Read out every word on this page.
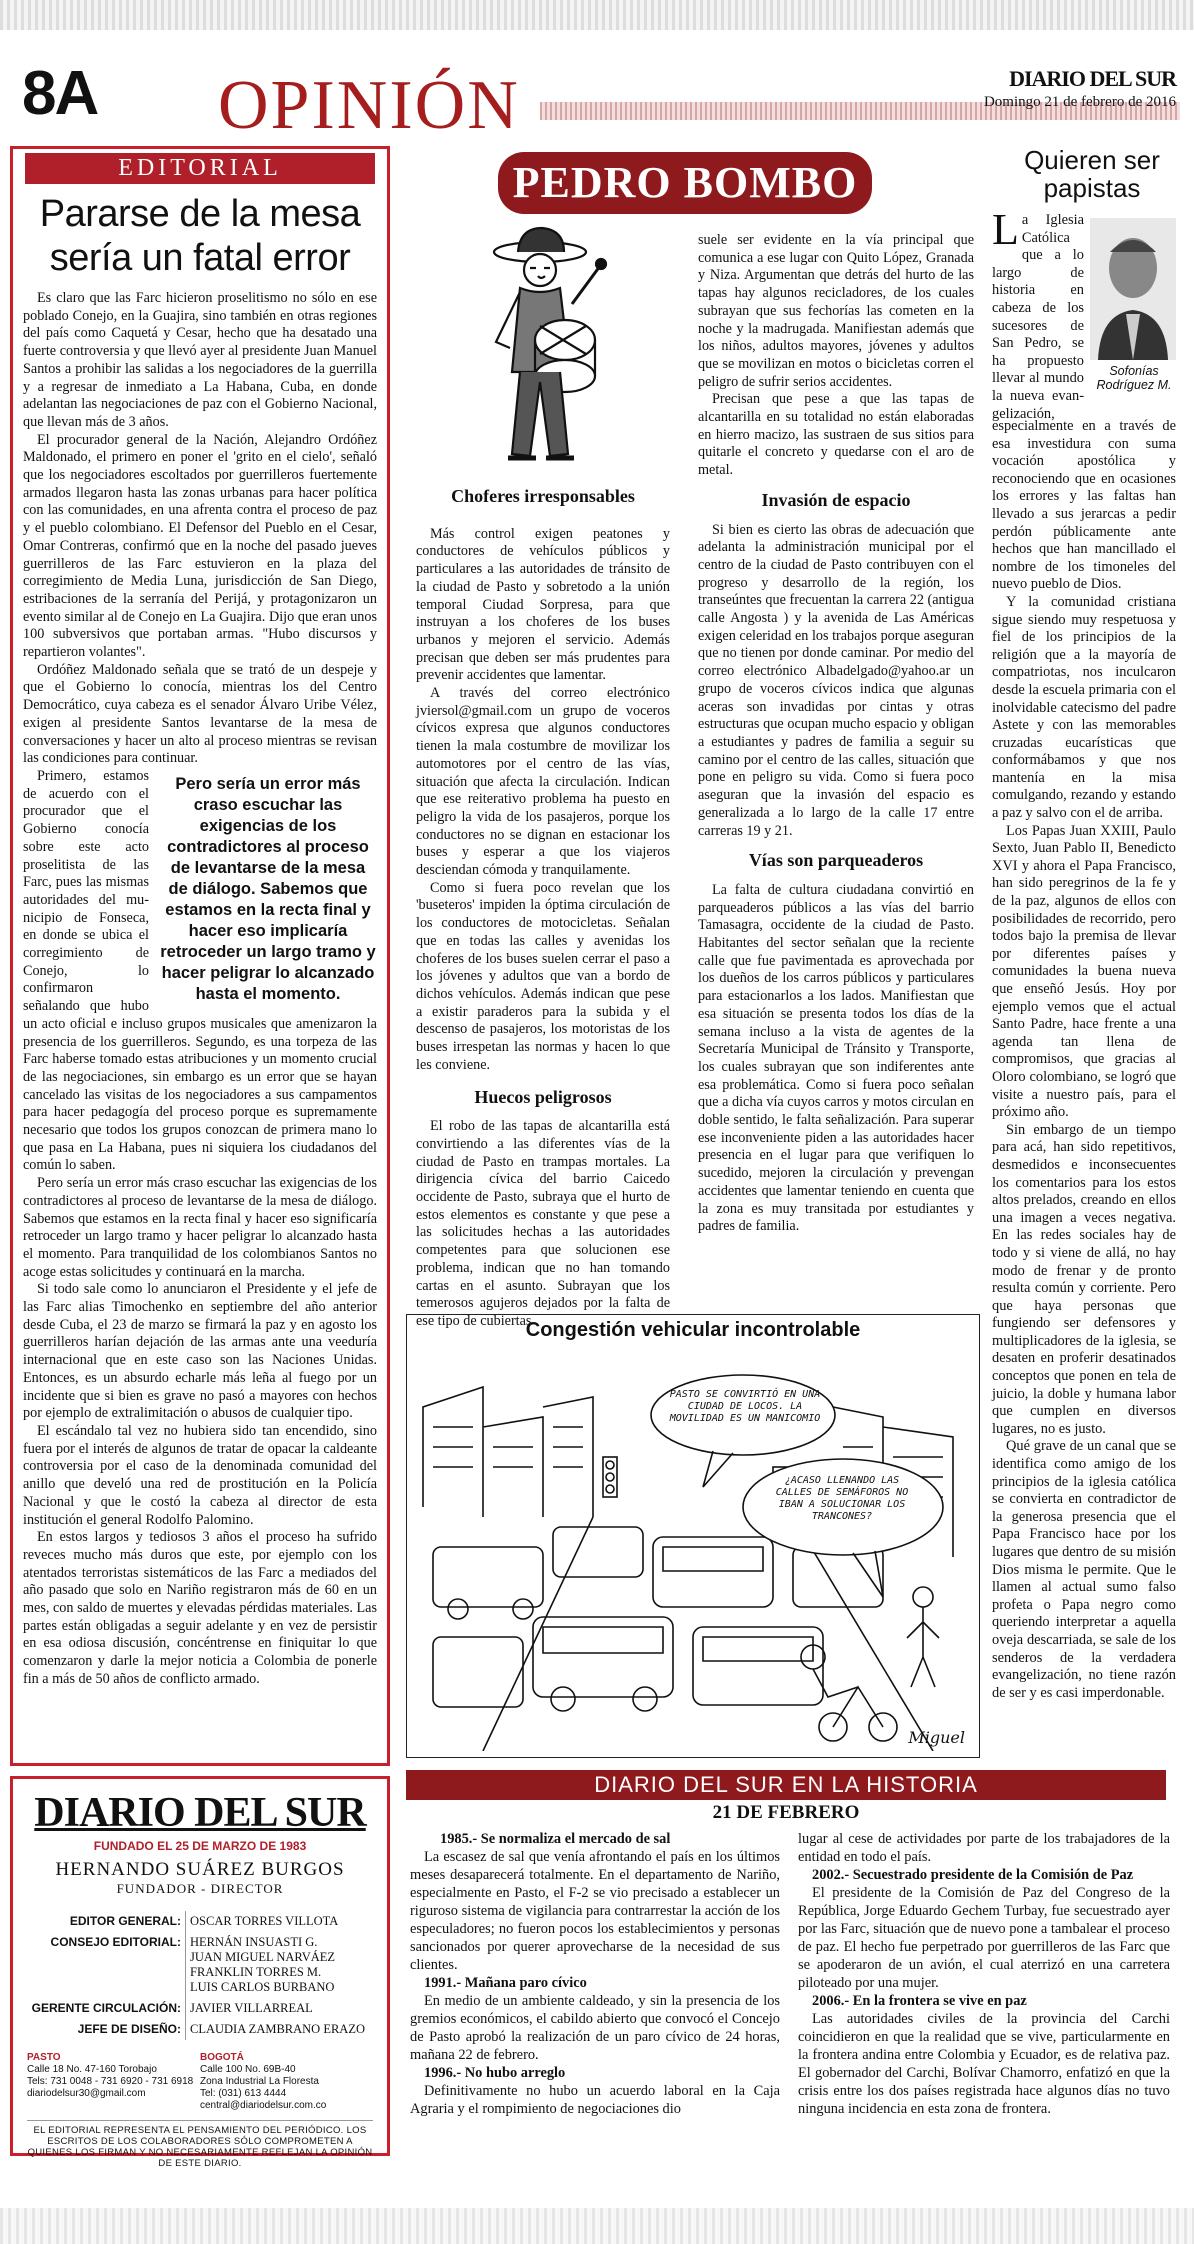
8A OPINIÓN	DIARIO DEL SUR
Domingo 21 de febrero de 2016
EDITORIAL
Pararse de la mesa sería un fatal error

Es claro que las Farc hicieron proselitismo no sólo en ese poblado Conejo, en la Guajira, sino también en otras regiones del país como Caquetá y Cesar, hecho que ha desatado una fuerte controversia y que llevó ayer al presidente Juan Manuel Santos a prohibir las salidas a los negociadores de la guerrilla y a regresar de inmediato a La Habana, Cuba, en donde adelantan las negociaciones de paz con el Gobierno Nacional, que llevan más de 3 años.

El procurador general de la Nación, Alejandro Ordóñez Maldonado, el primero en poner el 'grito en el cielo', señaló que los negociadores escoltados por guerrilleros fuertemente armados llegaron hasta las zonas urbanas para hacer política con las comunidades, en una afrenta contra el proceso de paz y el pueblo colombiano. El Defensor del Pueblo en el Cesar, Omar Contreras, confirmó que en la noche del pasado jueves guerrilleros de las Farc estuvieron en la plaza del corregimiento de Media Luna, jurisdicción de San Diego, estribaciones de la serranía del Perijá, y protagonizaron un evento similar al de Conejo en La Guajira. Dijo que eran unos 100 subversivos que portaban armas. "Hubo discursos y repartieron volantes".

Ordóñez Maldonado señala que se trató de un despeje y que el Gobierno lo conocía, mientras los del Centro Democrático, cuya cabeza es el senador Álvaro Uribe Vélez, exigen al presidente Santos levantarse de la mesa de conversaciones y hacer un alto al proceso mientras se revisan las condiciones para continuar.

Pero sería un error más craso escuchar las exigencias de los contradictores al proceso de levantarse de la mesa de diálogo. Sabemos que estamos en la recta final y hacer eso implicaría retroceder un largo tramo y hacer peligrar lo alcanzado hasta el momento.

Primero, estamos de acuerdo con el procurador que el Gobierno conocía sobre este acto proselitista de las Farc, pues las mismas autoridades del mu-nicipio de Fonseca, en donde se ubica el corregimiento de Conejo, lo confirmaron señalando que hubo un acto oficial e incluso grupos musicales que amenizaron la presencia de los guerrilleros. Segundo, es una torpeza de las Farc haberse tomado estas atribuciones y un momento crucial de las negociaciones, sin embargo es un error que se hayan cancelado las visitas de los negociadores a sus campamentos para hacer pedagogía del proceso porque es supremamente necesario que todos los grupos conozcan de primera mano lo que pasa en La Habana, pues ni siquiera los ciudadanos del común lo saben.

Pero sería un error más craso escuchar las exigencias de los contradictores al proceso de levantarse de la mesa de diálogo. Sabemos que estamos en la recta final y hacer eso significaría retroceder un largo tramo y hacer peligrar lo alcanzado hasta el momento. Para tranquilidad de los colombianos Santos no acoge estas solicitudes y continuará en la marcha.

Si todo sale como lo anunciaron el Presidente y el jefe de las Farc alias Timochenko en septiembre del año anterior desde Cuba, el 23 de marzo se firmará la paz y en agosto los guerrilleros harían dejación de las armas ante una veeduría internacional que en este caso son las Naciones Unidas. Entonces, es un absurdo echarle más leña al fuego por un incidente que si bien es grave no pasó a mayores con hechos por ejemplo de extralimitación o abusos de cualquier tipo.

El escándalo tal vez no hubiera sido tan encendido, sino fuera por el interés de algunos de tratar de opacar la caldeante controversia por el caso de la denominada comunidad del anillo que develó una red de prostitución en la Policía Nacional y que le costó la cabeza al director de esta institución el general Rodolfo Palomino.

En estos largos y tediosos 3 años el proceso ha sufrido reveces mucho más duros que este, por ejemplo con los atentados terroristas sistemáticos de las Farc a mediados del año pasado que solo en Nariño registraron más de 60 en un mes, con saldo de muertes y elevadas pérdidas materiales. Las partes están obligadas a seguir adelante y en vez de persistir en esa odiosa discusión, concéntrense en finiquitar lo que comenzaron y darle la mejor noticia a Colombia de ponerle fin a más de 50 años de conflicto armado.

DIARIO DEL SUR
FUNDADO EL 25 DE MARZO DE 1983
HERNANDO SUÁREZ BURGOS
FUNDADOR - DIRECTOR
EDITOR GENERAL:	OSCAR TORRES VILLOTA
CONSEJO EDITORIAL:	HERNÁN INSUASTI G.
JUAN MIGUEL NARVÁEZ
FRANKLIN TORRES M.
LUIS CARLOS BURBANO
GERENTE CIRCULACIÓN:	JAVIER VILLARREAL
JEFE DE DISEÑO:	CLAUDIA ZAMBRANO ERAZO
PASTO
Calle 18 No. 47-160 Torobajo
Tels: 731 0048 - 731 6920 - 731 6918
diariodelsur30@gmail.com
BOGOTÁ
Calle 100 No. 69B-40
Zona Industrial La Floresta
Tel: (031) 613 4444
central@diariodelsur.com.co
EL EDITORIAL REPRESENTA EL PENSAMIENTO DEL PERIÓDICO. LOS ESCRITOS DE LOS COLABORADORES SÓLO COMPROMETEN A QUIENES LOS FIRMAN Y NO NECESARIAMENTE REFLEJAN LA OPINIÓN DE ESTE DIARIO.
PEDRO BOMBO
Choferes irresponsables

Más control exigen peatones y conductores de vehículos públicos y particulares a las autoridades de tránsito de la ciudad de Pasto y sobretodo a la unión temporal Ciudad Sorpresa, para que instruyan a los choferes de los buses urbanos y mejoren el servicio. Además precisan que deben ser más prudentes para prevenir accidentes que lamentar.

A través del correo electrónico jviersol@gmail.com un grupo de voceros cívicos expresa que algunos conductores tienen la mala costumbre de movilizar los automotores por el centro de las vías, situación que afecta la circulación. Indican que ese reiterativo problema ha puesto en peligro la vida de los pasajeros, porque los conductores no se dignan en estacionar los buses y esperar a que los viajeros desciendan cómoda y tranquilamente.

Como si fuera poco revelan que los 'buseteros' impiden la óptima circulación de los conductores de motocicletas. Señalan que en todas las calles y avenidas los choferes de los buses suelen cerrar el paso a los jóvenes y adultos que van a bordo de dichos vehículos. Además indican que pese a existir paraderos para la subida y el descenso de pasajeros, los motoristas de los buses irrespetan las normas y hacen lo que les conviene.

Huecos peligrosos

El robo de las tapas de alcantarilla está convirtiendo a las diferentes vías de la ciudad de Pasto en trampas mortales. La dirigencia cívica del barrio Caicedo occidente de Pasto, subraya que el hurto de estos elementos es constante y que pese a las solicitudes hechas a las autoridades competentes para que solucionen ese problema, indican que no han tomando cartas en el asunto. Subrayan que los temerosos agujeros dejados por la falta de ese tipo de cubiertas

suele ser evidente en la vía principal que comunica a ese lugar con Quito López, Granada y Niza. Argumentan que detrás del hurto de las tapas hay algunos recicladores, de los cuales subrayan que sus fechorías las cometen en la noche y la madrugada. Manifiestan además que los niños, adultos mayores, jóvenes y adultos que se movilizan en motos o bicicletas corren el peligro de sufrir serios accidentes.

Precisan que pese a que las tapas de alcantarilla en su totalidad no están elaboradas en hierro macizo, las sustraen de sus sitios para quitarle el concreto y quedarse con el aro de metal.

Invasión de espacio

Si bien es cierto las obras de adecuación que adelanta la administración municipal por el centro de la ciudad de Pasto contribuyen con el progreso y desarrollo de la región, los transeúntes que frecuentan la carrera 22 (antigua calle Angosta ) y la avenida de Las Américas exigen celeridad en los trabajos porque aseguran que no tienen por donde caminar. Por medio del correo electrónico Albadelgado@yahoo.ar un grupo de voceros cívicos indica que algunas aceras son invadidas por cintas y otras estructuras que ocupan mucho espacio y obligan a estudiantes y padres de familia a seguir su camino por el centro de las calles, situación que pone en peligro su vida. Como si fuera poco aseguran que la invasión del espacio es generalizada a lo largo de la calle 17 entre carreras 19 y 21.

Vías son parqueaderos

La falta de cultura ciudadana convirtió en parqueaderos públicos a las vías del barrio Tamasagra, occidente de la ciudad de Pasto. Habitantes del sector señalan que la reciente calle que fue pavimentada es aprovechada por los dueños de los carros públicos y particulares para estacionarlos a los lados. Manifiestan que esa situación se presenta todos los días de la semana incluso a la vista de agentes de la Secretaría Municipal de Tránsito y Transporte, los cuales subrayan que son indiferentes ante esa problemática. Como si fuera poco señalan que a dicha vía cuyos carros y motos circulan en doble sentido, le falta señalización. Para superar ese inconveniente piden a las autoridades hacer presencia en el lugar para que verifiquen lo sucedido, mejoren la circulación y prevengan accidentes que lamentar teniendo en cuenta que la zona es muy transitada por estudiantes y padres de familia.

Congestión vehicular incontrolable
PASTO SE CONVIRTIÓ EN UNA CIUDAD DE LOCOS. LA MOVILIDAD ES UN MANICOMIO
¿ACASO LLENANDO LAS CALLES DE SEMÁFOROS NO IBAN A SOLUCIONAR LOS TRANCONES?
Miguel
Quieren ser papistas
Sofonías Rodríguez M.

La Iglesia Católica que a lo largo de historia en cabeza de los sucesores de San Pedro, se ha propuesto llevar al mundo la nueva evan-gelización,

especialmente en a través de esa investidura con suma vocación apostólica y reconociendo que en ocasiones los errores y las faltas han llevado a sus jerarcas a pedir perdón públicamente ante hechos que han mancillado el nombre de los timoneles del nuevo pueblo de Dios.

Y la comunidad cristiana sigue siendo muy respetuosa y fiel de los principios de la religión que a la mayoría de compatriotas, nos inculcaron desde la escuela primaria con el inolvidable catecismo del padre Astete y con las memorables cruzadas eucarísticas que conformábamos y que nos mantenía en la misa comulgando, rezando y estando a paz y salvo con el de arriba.

Los Papas Juan XXIII, Paulo Sexto, Juan Pablo II, Benedicto XVI y ahora el Papa Francisco, han sido peregrinos de la fe y de la paz, algunos de ellos con posibilidades de recorrido, pero todos bajo la premisa de llevar por diferentes países y comunidades la buena nueva que enseñó Jesús. Hoy por ejemplo vemos que el actual Santo Padre, hace frente a una agenda tan llena de compromisos, que gracias al Oloro colombiano, se logró que visite a nuestro país, para el próximo año.

Sin embargo de un tiempo para acá, han sido repetitivos, desmedidos e inconsecuentes los comentarios para los estos altos prelados, creando en ellos una imagen a veces negativa. En las redes sociales hay de todo y si viene de allá, no hay modo de frenar y de pronto resulta común y corriente. Pero que haya personas que fungiendo ser defensores y multiplicadores de la iglesia, se desaten en proferir desatinados conceptos que ponen en tela de juicio, la doble y humana labor que cumplen en diversos lugares, no es justo.

Qué grave de un canal que se identifica como amigo de los principios de la iglesia católica se convierta en contradictor de la generosa presencia que el Papa Francisco hace por los lugares que dentro de su misión Dios misma le permite. Que le llamen al actual sumo falso profeta o Papa negro como queriendo interpretar a aquella oveja descarriada, se sale de los senderos de la verdadera evangelización, no tiene razón de ser y es casi imperdonable.

DIARIO DEL SUR EN LA HISTORIA
21 DE FEBRERO

1985.- Se normaliza el mercado de sal

La escasez de sal que venía afrontando el país en los últimos meses desaparecerá totalmente. En el departamento de Nariño, especialmente en Pasto, el F-2 se vio precisado a establecer un riguroso sistema de vigilancia para contrarrestar la acción de los especuladores; no fueron pocos los establecimientos y personas sancionados por querer aprovecharse de la necesidad de sus clientes.

1991.- Mañana paro cívico

En medio de un ambiente caldeado, y sin la presencia de los gremios económicos, el cabildo abierto que convocó el Concejo de Pasto aprobó la realización de un paro cívico de 24 horas, mañana 22 de febrero.

1996.- No hubo arreglo

Definitivamente no hubo un acuerdo laboral en la Caja Agraria y el rompimiento de negociaciones dio

lugar al cese de actividades por parte de los trabajadores de la entidad en todo el país.

2002.- Secuestrado presidente de la Comisión de Paz

El presidente de la Comisión de Paz del Congreso de la República, Jorge Eduardo Gechem Turbay, fue secuestrado ayer por las Farc, situación que de nuevo pone a tambalear el proceso de paz. El hecho fue perpetrado por guerrilleros de las Farc que se apoderaron de un avión, el cual aterrizó en una carretera piloteado por una mujer.

2006.- En la frontera se vive en paz

Las autoridades civiles de la provincia del Carchi coincidieron en que la realidad que se vive, particularmente en la frontera andina entre Colombia y Ecuador, es de relativa paz. El gobernador del Carchi, Bolívar Chamorro, enfatizó en que la crisis entre los dos países registrada hace algunos días no tuvo ninguna incidencia en esta zona de frontera.
